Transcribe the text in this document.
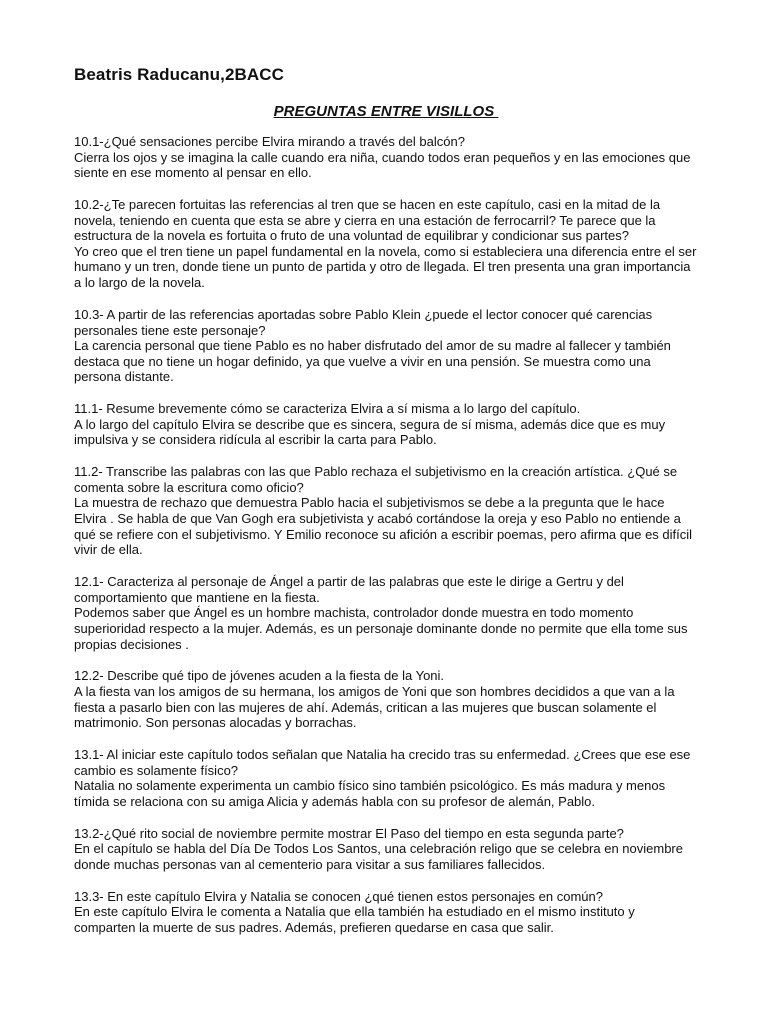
Beatris Raducanu,2BACC
PREGUNTAS ENTRE VISILLOS

10.1-¿Qué sensaciones percibe Elvira mirando a través del balcón?

Cierra los ojos y se imagina la calle cuando era niña, cuando todos eran pequeños y en las emociones que siente en ese momento al pensar en ello.

10.2-¿Te parecen fortuitas las referencias al tren que se hacen en este capítulo, casi en la mitad de la novela, teniendo en cuenta que esta se abre y cierra en una estación de ferrocarril? Te parece que la estructura de la novela es fortuita o fruto de una voluntad de equilibrar y condicionar sus partes?

Yo creo que el tren tiene un papel fundamental en la novela, como si estableciera una diferencia entre el ser humano y un tren, donde tiene un punto de partida y otro de llegada. El tren presenta una gran importancia a lo largo de la novela.

10.3- A partir de las referencias aportadas sobre Pablo Klein ¿puede el lector conocer qué carencias personales tiene este personaje?

La carencia personal que tiene Pablo es no haber disfrutado del amor de su madre al fallecer y también destaca que no tiene un hogar definido, ya que vuelve a vivir en una pensión. Se muestra como una persona distante.

11.1- Resume brevemente cómo se caracteriza Elvira a sí misma a lo largo del capítulo.

A lo largo del capítulo Elvira se describe que es sincera, segura de sí misma, además dice que es muy impulsiva y se considera ridícula al escribir la carta para Pablo.

11.2- Transcribe las palabras con las que Pablo rechaza el subjetivismo en la creación artística. ¿Qué se comenta sobre la escritura como oficio?

La muestra de rechazo que demuestra Pablo hacia el subjetivismos se debe a la pregunta que le hace Elvira . Se habla de que Van Gogh era subjetivista y acabó cortándose la oreja y eso Pablo no entiende a qué se refiere con el subjetivismo. Y Emilio reconoce su afición a escribir poemas, pero afirma que es difícil vivir de ella.

12.1- Caracteriza al personaje de Ángel a partir de las palabras que este le dirige a Gertru y del comportamiento que mantiene en la fiesta.

Podemos saber que Ángel es un hombre machista, controlador donde muestra en todo momento superioridad respecto a la mujer. Además, es un personaje dominante donde no permite que ella tome sus propias decisiones .

12.2- Describe qué tipo de jóvenes acuden a la fiesta de la Yoni.

A la fiesta van los amigos de su hermana, los amigos de Yoni que son hombres decididos a que van a la fiesta a pasarlo bien con las mujeres de ahí. Además, critican a las mujeres que buscan solamente el matrimonio. Son personas alocadas y borrachas.

13.1- Al iniciar este capítulo todos señalan que Natalia ha crecido tras su enfermedad. ¿Crees que ese ese cambio es solamente físico?

Natalia no solamente experimenta un cambio físico sino también psicológico. Es más madura y menos tímida se relaciona con su amiga Alicia y además habla con su profesor de alemán, Pablo.

13.2-¿Qué rito social de noviembre permite mostrar El Paso del tiempo en esta segunda parte?

En el capítulo se habla del Día De Todos Los Santos, una celebración religo que se celebra en noviembre donde muchas personas van al cementerio para visitar a sus familiares fallecidos.

13.3- En este capítulo Elvira y Natalia se conocen ¿qué tienen estos personajes en común?

En este capítulo Elvira le comenta a Natalia que ella también ha estudiado en el mismo instituto y comparten la muerte de sus padres. Además, prefieren quedarse en casa que salir.
